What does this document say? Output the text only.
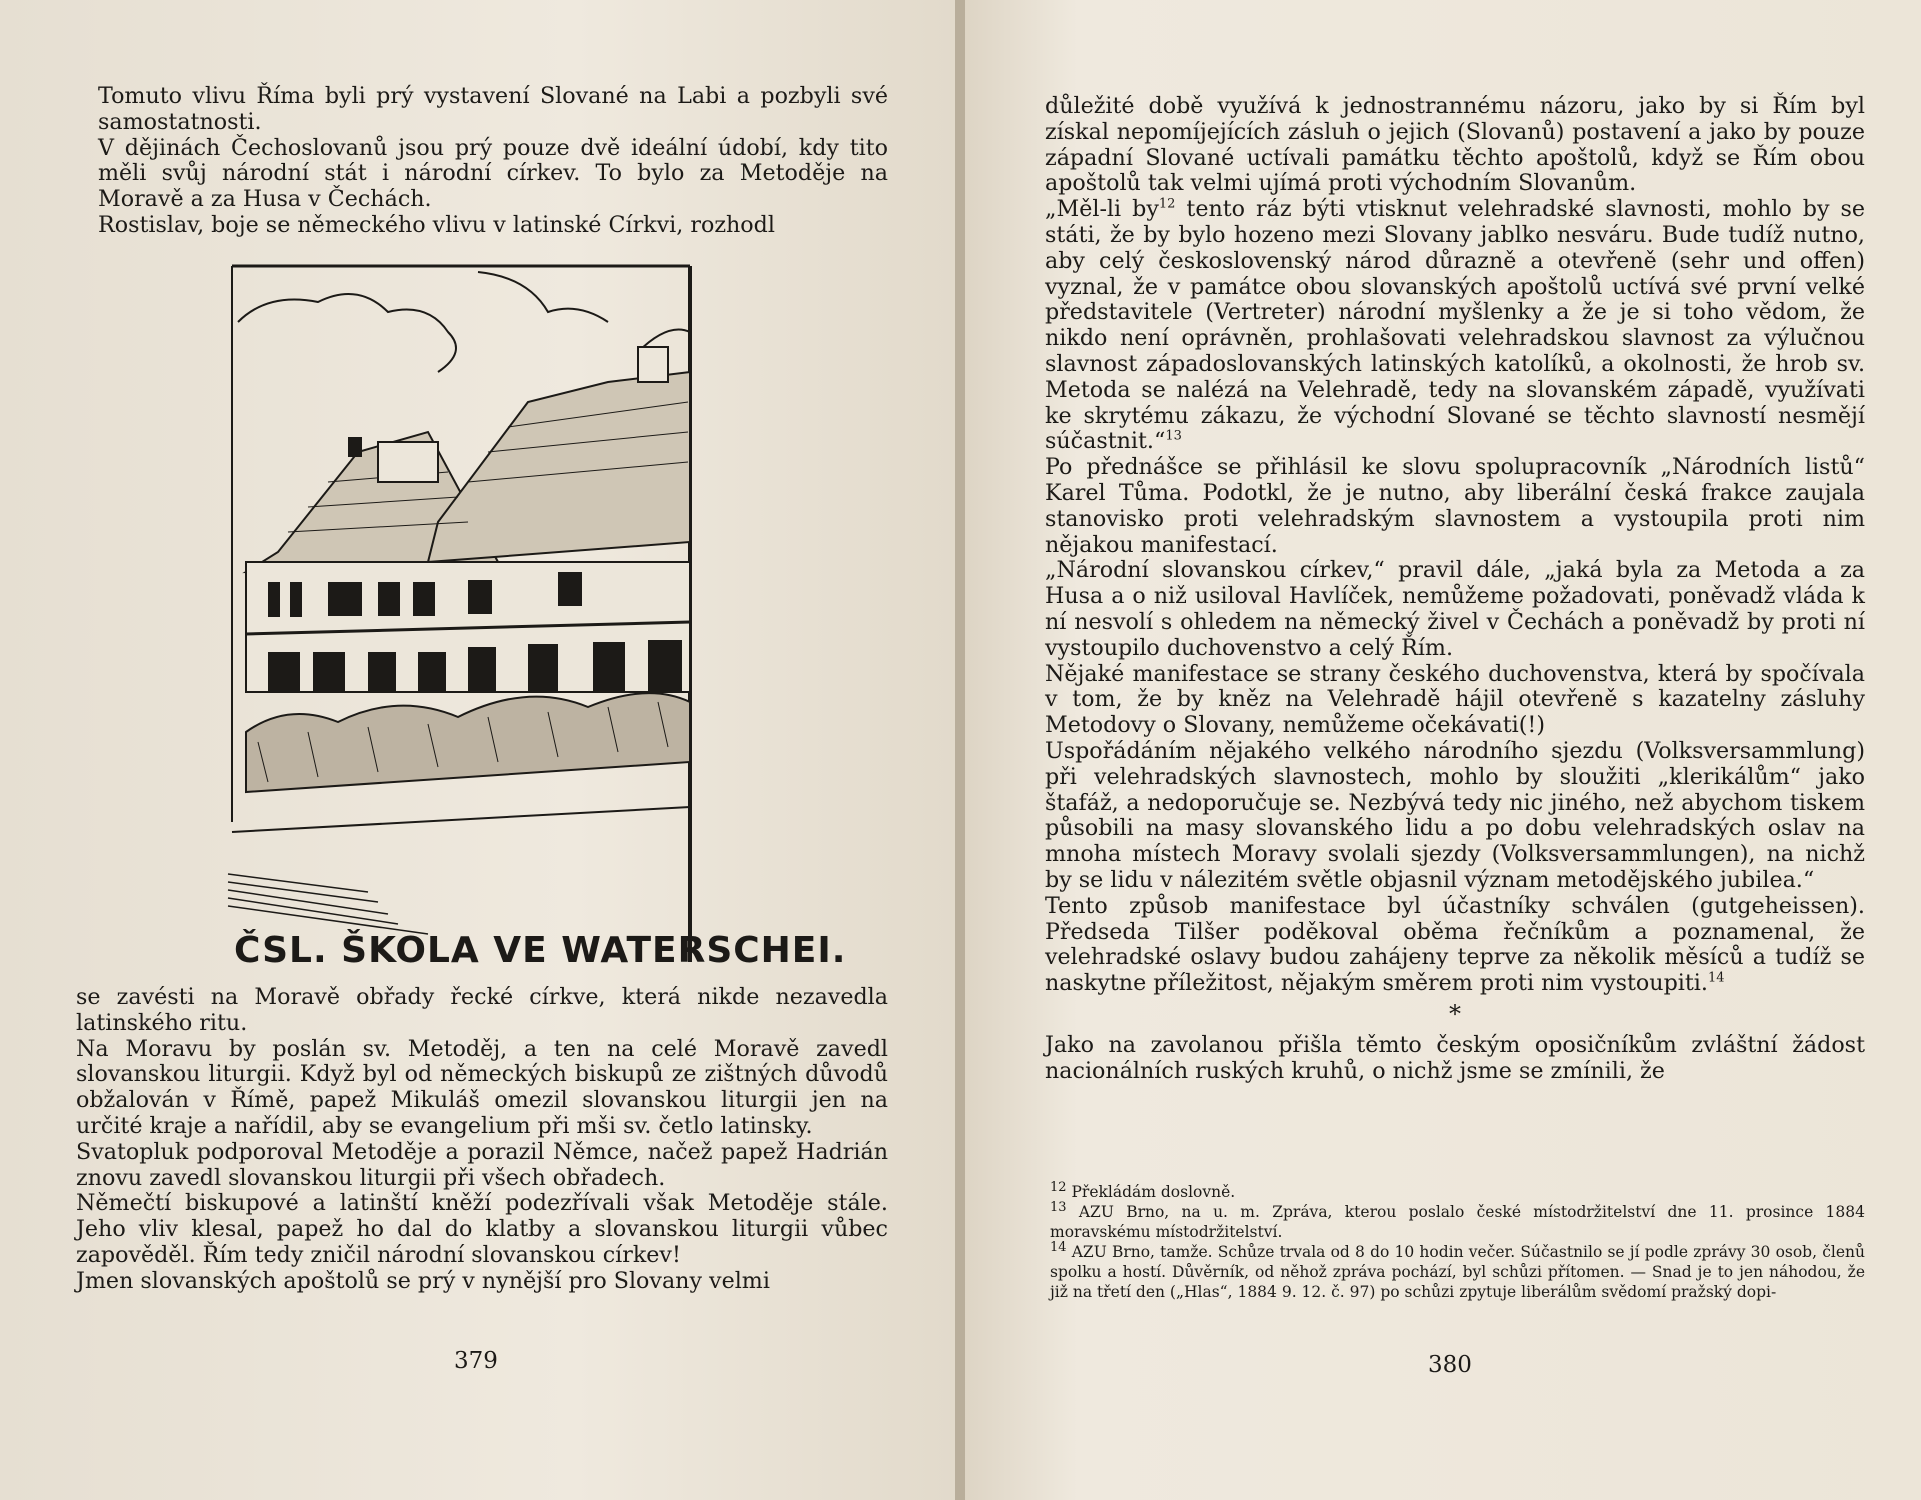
Tomuto vlivu Říma byli prý vystavení Slované na Labi a pozbyli své samostatnosti.

V dějinách Čechoslovanů jsou prý pouze dvě ideální údobí, kdy tito měli svůj národní stát i národní církev. To bylo za Metoděje na Moravě a za Husa v Čechách.

Rostislav, boje se německého vlivu v latinské Církvi, rozhodl

ČSL. ŠKOLA VE WATERSCHEI.

se zavésti na Moravě obřady řecké církve, která nikde nezavedla latinského ritu.

Na Moravu by poslán sv. Metoděj, a ten na celé Moravě zavedl slovanskou liturgii. Když byl od německých biskupů ze zištných důvodů obžalován v Římě, papež Mikuláš omezil slovanskou liturgii jen na určité kraje a nařídil, aby se evangelium při mši sv. četlo latinsky.

Svatopluk podporoval Metoděje a porazil Němce, načež papež Hadrián znovu zavedl slovanskou liturgii při všech obřadech.

Němečtí biskupové a latinští kněží podezřívali však Metoděje stále. Jeho vliv klesal, papež ho dal do klatby a slovanskou liturgii vůbec zapověděl. Řím tedy zničil národní slovanskou církev!

Jmen slovanských apoštolů se prý v nynější pro Slovany velmi

379

důležité době využívá k jednostrannému názoru, jako by si Řím byl získal nepomíjejících zásluh o jejich (Slovanů) postavení a jako by pouze západní Slované uctívali památku těchto apoštolů, když se Řím obou apoštolů tak velmi ujímá proti východním Slovanům.

„Měl-li $by^{12}$ tento ráz býti vtisknut velehradské slavnosti, mohlo by se státi, že by bylo hozeno mezi Slovany jablko nesváru. Bude tudíž nutno, aby celý československý národ důrazně a otevřeně (sehr und offen) vyznal, že v památce obou slovanských apoštolů uctívá své první velké představitele (Vertreter) národní myšlenky a že je si toho vědom, že nikdo není oprávněn, prohlašovati velehradskou slavnost za výlučnou slavnost západoslovanských latinských katolíků, a okolnosti, že hrob sv. Metoda se nalézá na Velehradě, tedy na slovanském západě, využívati ke skrytému zákazu, že východní Slované se těchto slavností nesmějí súčastnit.“$^{13}$

Po přednášce se přihlásil ke slovu spolupracovník „Národních listů“ Karel Tůma. Podotkl, že je nutno, aby liberální česká frakce zaujala stanovisko proti velehradským slavnostem a vystoupila proti nim nějakou manifestací.

„Národní slovanskou církev,“ pravil dále, „jaká byla za Metoda a za Husa a o niž usiloval Havlíček, nemůžeme požadovati, poněvadž vláda k ní nesvolí s ohledem na německý živel v Čechách a poněvadž by proti ní vystoupilo duchovenstvo a celý Řím.

Nějaké manifestace se strany českého duchovenstva, která by spočívala v tom, že by kněz na Velehradě hájil otevřeně s kazatelny zásluhy Metodovy o Slovany, nemůžeme očekávati(!)

Uspořádáním nějakého velkého národního sjezdu (Volksversammlung) při velehradských slavnostech, mohlo by sloužiti „klerikálům“ jako štafáž, a nedoporučuje se. Nezbývá tedy nic jiného, než abychom tiskem působili na masy slovanského lidu a po dobu velehradských oslav na mnoha místech Moravy svolali sjezdy (Volksversammlungen), na nichž by se lidu v nálezitém světle objasnil význam metodějského jubilea.“

Tento způsob manifestace byl účastníky schválen (gutgeheissen). Předseda Tilšer poděkoval oběma řečníkům a poznamenal, že velehradské oslavy budou zahájeny teprve za několik měsíců a tudíž se naskytne příležitost, nějakým směrem proti nim vystoupiti.$^{14}$

*

Jako na zavolanou přišla těmto českým oposičníkům zvláštní žádost nacionálních ruských kruhů, o nichž jsme se zmínili, že

$^{12}$ Překládám doslovně.

$^{13}$ AZU Brno, na u. m. Zpráva, kterou poslalo české místodržitelství dne 11. prosince 1884 moravskému místodržitelství.

$^{14}$ AZU Brno, tamže. Schůze trvala od 8 do 10 hodin večer. Súčastnilo se jí podle zprávy 30 osob, členů spolku a hostí. Důvěrník, od něhož zpráva pochází, byl schůzi přítomen. — Snad je to jen náhodou, že již na třetí den („Hlas“, 1884 9. 12. č. 97) po schůzi zpytuje liberálům svědomí pražský dopi-

380
